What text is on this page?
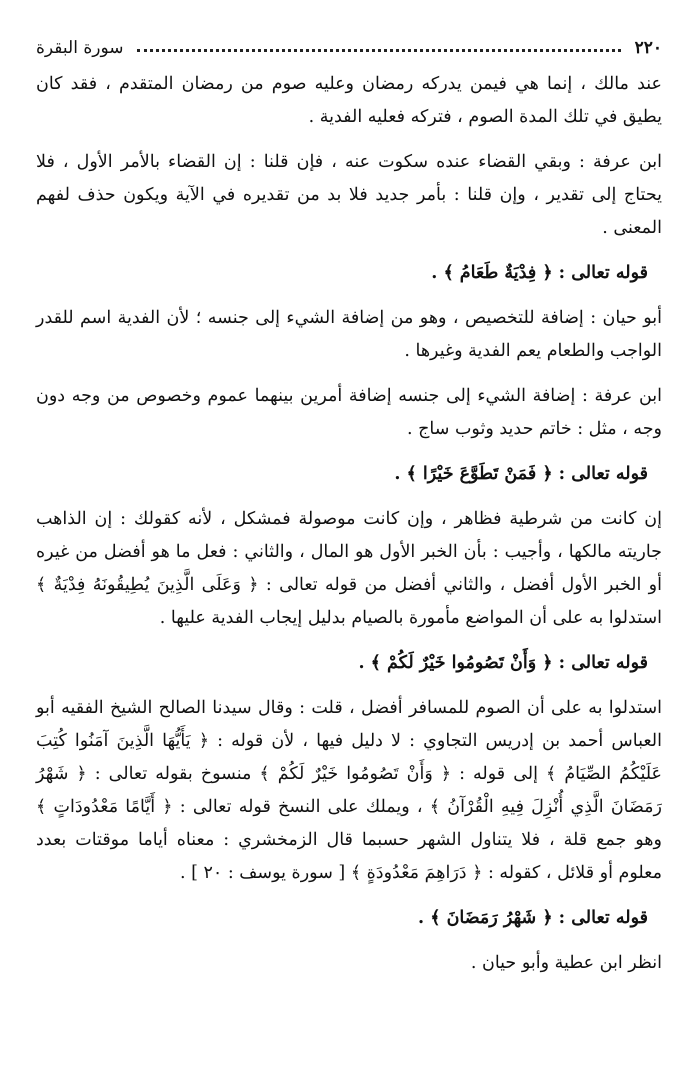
٢٢٠
سورة البقرة

عند مالك ، إنما هي فيمن يدركه رمضان وعليه صوم من رمضان المتقدم ، فقد كان يطيق في تلك المدة الصوم ، فتركه فعليه الفدية .

ابن عرفة : وبقي القضاء عنده سكوت عنه ، فإن قلنا : إن القضاء بالأمر الأول ، فلا يحتاج إلى تقدير ، وإن قلنا : بأمر جديد فلا بد من تقديره في الآية ويكون حذف لفهم المعنى .

قوله تعالى : ﴿ فِدْيَةٌ طَعَامُ ﴾ .

أبو حيان : إضافة للتخصيص ، وهو من إضافة الشيء إلى جنسه ؛ لأن الفدية اسم للقدر الواجب والطعام يعم الفدية وغيرها .

ابن عرفة : إضافة الشيء إلى جنسه إضافة أمرين بينهما عموم وخصوص من وجه دون وجه ، مثل : خاتم حديد وثوب ساج .

قوله تعالى : ﴿ فَمَنْ تَطَوَّعَ خَيْرًا ﴾ .

إن كانت من شرطية فظاهر ، وإن كانت موصولة فمشكل ، لأنه كقولك : إن الذاهب جاريته مالكها ، وأجيب : بأن الخبر الأول هو المال ، والثاني : فعل ما هو أفضل من غيره أو الخبر الأول أفضل ، والثاني أفضل من قوله تعالى : ﴿ وَعَلَى الَّذِينَ يُطِيقُونَهُ فِدْيَةٌ ﴾ استدلوا به على أن المواضع مأمورة بالصيام بدليل إيجاب الفدية عليها .

قوله تعالى : ﴿ وَأَنْ تَصُومُوا خَيْرٌ لَكُمْ ﴾ .

استدلوا به على أن الصوم للمسافر أفضل ، قلت : وقال سيدنا الصالح الشيخ الفقيه أبو العباس أحمد بن إدريس التجاوي : لا دليل فيها ، لأن قوله : ﴿ يَأَيُّهَا الَّذِينَ آمَنُوا كُتِبَ عَلَيْكُمُ الصِّيَامُ ﴾ إلى قوله : ﴿ وَأَنْ تَصُومُوا خَيْرٌ لَكُمْ ﴾ منسوخ بقوله تعالى : ﴿ شَهْرُ رَمَضَانَ الَّذِي أُنْزِلَ فِيهِ الْقُرْآنُ ﴾ ، ويملك على النسخ قوله تعالى : ﴿ أَيَّامًا مَعْدُودَاتٍ ﴾ وهو جمع قلة ، فلا يتناول الشهر حسبما قال الزمخشري : معناه أياما موقتات بعدد معلوم أو قلائل ، كقوله : ﴿ دَرَاهِمَ مَعْدُودَةٍ ﴾ [ سورة يوسف : ٢٠ ] .

قوله تعالى : ﴿ شَهْرُ رَمَضَانَ ﴾ .

انظر ابن عطية وأبو حيان .
